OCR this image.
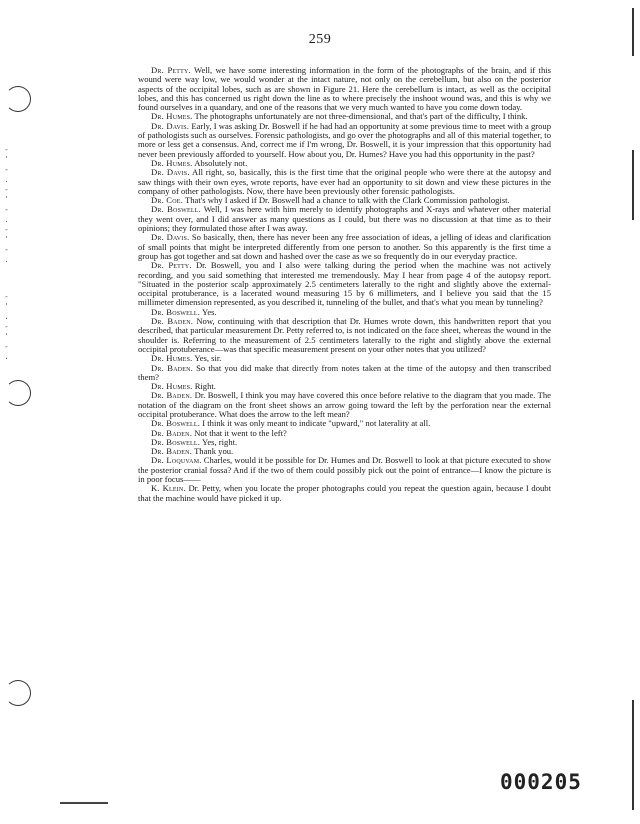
-
'
-
.
-
'
-
.
-
'
-
.
-
'
.
-
'
-
.
259

Dr. Petty. Well, we have some interesting information in the form of the photographs of the brain, and if this wound were way low, we would wonder at the intact nature, not only on the cerebellum, but also on the posterior aspects of the occipital lobes, such as are shown in Figure 21. Here the cerebellum is intact, as well as the occipital lobes, and this has concerned us right down the line as to where precisely the inshoot wound was, and this is why we found ourselves in a quandary, and one of the reasons that we very much wanted to have you come down today.

Dr. Humes. The photographs unfortunately are not three-dimensional, and that's part of the difficulty, I think.

Dr. Davis. Early, I was asking Dr. Boswell if he had had an opportunity at some previous time to meet with a group of pathologists such as ourselves. Forensic pathologists, and go over the photographs and all of this material together, to more or less get a consensus. And, correct me if I'm wrong, Dr. Boswell, it is your impression that this opportunity had never been previously afforded to yourself. How about you, Dr. Humes? Have you had this opportunity in the past?

Dr. Humes. Absolutely not.

Dr. Davis. All right, so, basically, this is the first time that the original people who were there at the autopsy and saw things with their own eyes, wrote reports, have ever had an opportunity to sit down and view these pictures in the company of other pathologists. Now, there have been previously other forensic pathologists.

Dr. Coe. That's why I asked if Dr. Boswell had a chance to talk with the Clark Commission pathologist.

Dr. Boswell. Well, I was here with him merely to identify photographs and X-rays and whatever other material they went over, and I did answer as many questions as I could, but there was no discussion at that time as to their opinions; they formulated those after I was away.

Dr. Davis. So basically, then, there has never been any free association of ideas, a jelling of ideas and clarification of small points that might be interpreted differently from one person to another. So this apparently is the first time a group has got together and sat down and hashed over the case as we so frequently do in our everyday practice.

Dr. Petty. Dr. Boswell, you and I also were talking during the period when the machine was not actively recording, and you said something that interested me tremendously. May I hear from page 4 of the autopsy report. "Situated in the posterior scalp approximately 2.5 centimeters laterally to the right and slightly above the external-occipital protuberance, is a lacerated wound measuring 15 by 6 millimeters, and I believe you said that the 15 millimeter dimension represented, as you described it, tunneling of the bullet, and that's what you mean by tunneling?

Dr. Boswell. Yes.

Dr. Baden. Now, continuing with that description that Dr. Humes wrote down, this handwritten report that you described, that particular measurement Dr. Petty referred to, is not indicated on the face sheet, whereas the wound in the shoulder is. Referring to the measurement of 2.5 centimeters laterally to the right and slightly above the external occipital protuberance—was that specific measurement present on your other notes that you utilized?

Dr. Humes. Yes, sir.

Dr. Baden. So that you did make that directly from notes taken at the time of the autopsy and then transcribed them?

Dr. Humes. Right.

Dr. Baden. Dr. Boswell, I think you may have covered this once before relative to the diagram that you made. The notation of the diagram on the front sheet shows an arrow going toward the left by the perforation near the external occipital protuberance. What does the arrow to the left mean?

Dr. Boswell. I think it was only meant to indicate "upward," not laterality at all.

Dr. Baden. Not that it went to the left?

Dr. Boswell. Yes, right.

Dr. Baden. Thank you.

Dr. Loquvam. Charles, would it be possible for Dr. Humes and Dr. Boswell to look at that picture executed to show the posterior cranial fossa? And if the two of them could possibly pick out the point of entrance—I know the picture is in poor focus——

K. Klein. Dr. Petty, when you locate the proper photographs could you repeat the question again, because I doubt that the machine would have picked it up.

000205
